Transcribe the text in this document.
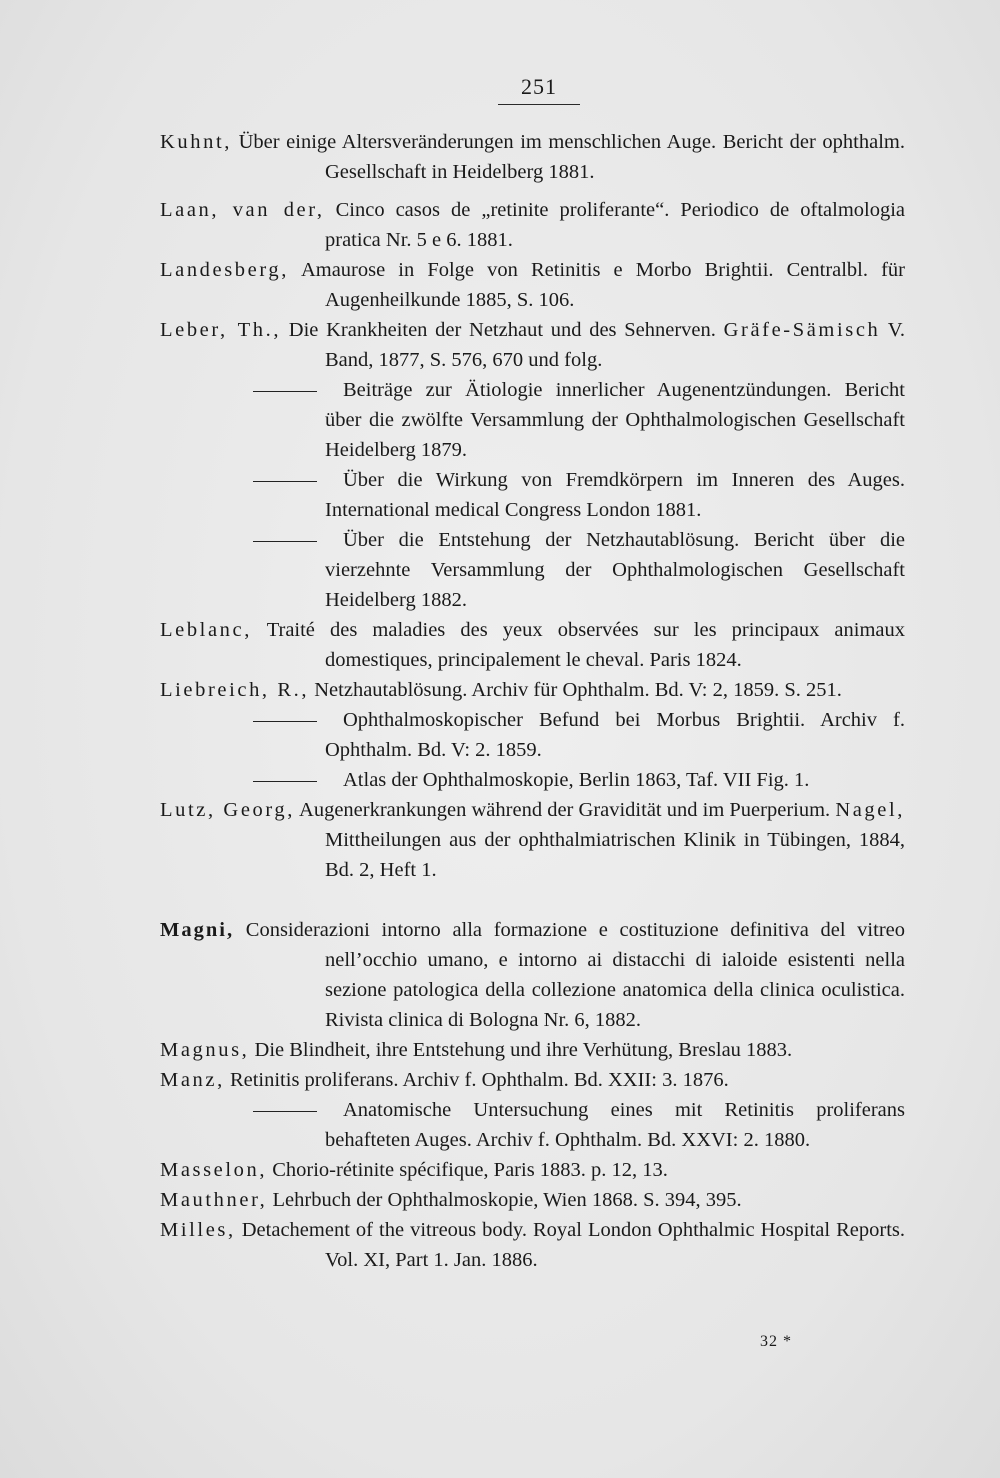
251
Kuhnt, Über einige Altersveränderungen im menschlichen Auge. Bericht der ophthalm. Gesellschaft in Heidelberg 1881.
Laan, van der, Cinco casos de „retinite proliferante“. Periodico de oftalmologia pratica Nr. 5 e 6. 1881.
Landesberg, Amaurose in Folge von Retinitis e Morbo Brightii. Centralbl. für Augenheilkunde 1885, S. 106.
Leber, Th., Die Krankheiten der Netzhaut und des Sehnerven. Gräfe-Sämisch V. Band, 1877, S. 576, 670 und folg.
Beiträge zur Ätiologie innerlicher Augenentzündungen. Bericht über die zwölfte Versammlung der Ophthalmologischen Gesellschaft Heidelberg 1879.
Über die Wirkung von Fremdkörpern im Inneren des Auges. International medical Congress London 1881.
Über die Entstehung der Netzhautablösung. Bericht über die vierzehnte Versammlung der Ophthalmologischen Gesellschaft Heidelberg 1882.
Leblanc, Traité des maladies des yeux observées sur les principaux animaux domestiques, principalement le cheval. Paris 1824.
Liebreich, R., Netzhautablösung. Archiv für Ophthalm. Bd. V: 2, 1859. S. 251.
Ophthalmoskopischer Befund bei Morbus Brightii. Archiv f. Ophthalm. Bd. V: 2. 1859.
Atlas der Ophthalmoskopie, Berlin 1863, Taf. VII Fig. 1.
Lutz, Georg, Augenerkrankungen während der Gravidität und im Puerperium. Nagel, Mittheilungen aus der ophthalmiatrischen Klinik in Tübingen, 1884, Bd. 2, Heft 1.
Magni, Considerazioni intorno alla formazione e costituzione definitiva del vitreo nell’occhio umano, e intorno ai distacchi di ialoide esistenti nella sezione patologica della collezione anatomica della clinica oculistica. Rivista clinica di Bologna Nr. 6, 1882.
Magnus, Die Blindheit, ihre Entstehung und ihre Verhütung, Breslau 1883.
Manz, Retinitis proliferans. Archiv f. Ophthalm. Bd. XXII: 3. 1876.
Anatomische Untersuchung eines mit Retinitis proliferans behafteten Auges. Archiv f. Ophthalm. Bd. XXVI: 2. 1880.
Masselon, Chorio-rétinite spécifique, Paris 1883. p. 12, 13.
Mauthner, Lehrbuch der Ophthalmoskopie, Wien 1868. S. 394, 395.
Milles, Detachement of the vitreous body. Royal London Ophthalmic Hospital Reports. Vol. XI, Part 1. Jan. 1886.
32 *
